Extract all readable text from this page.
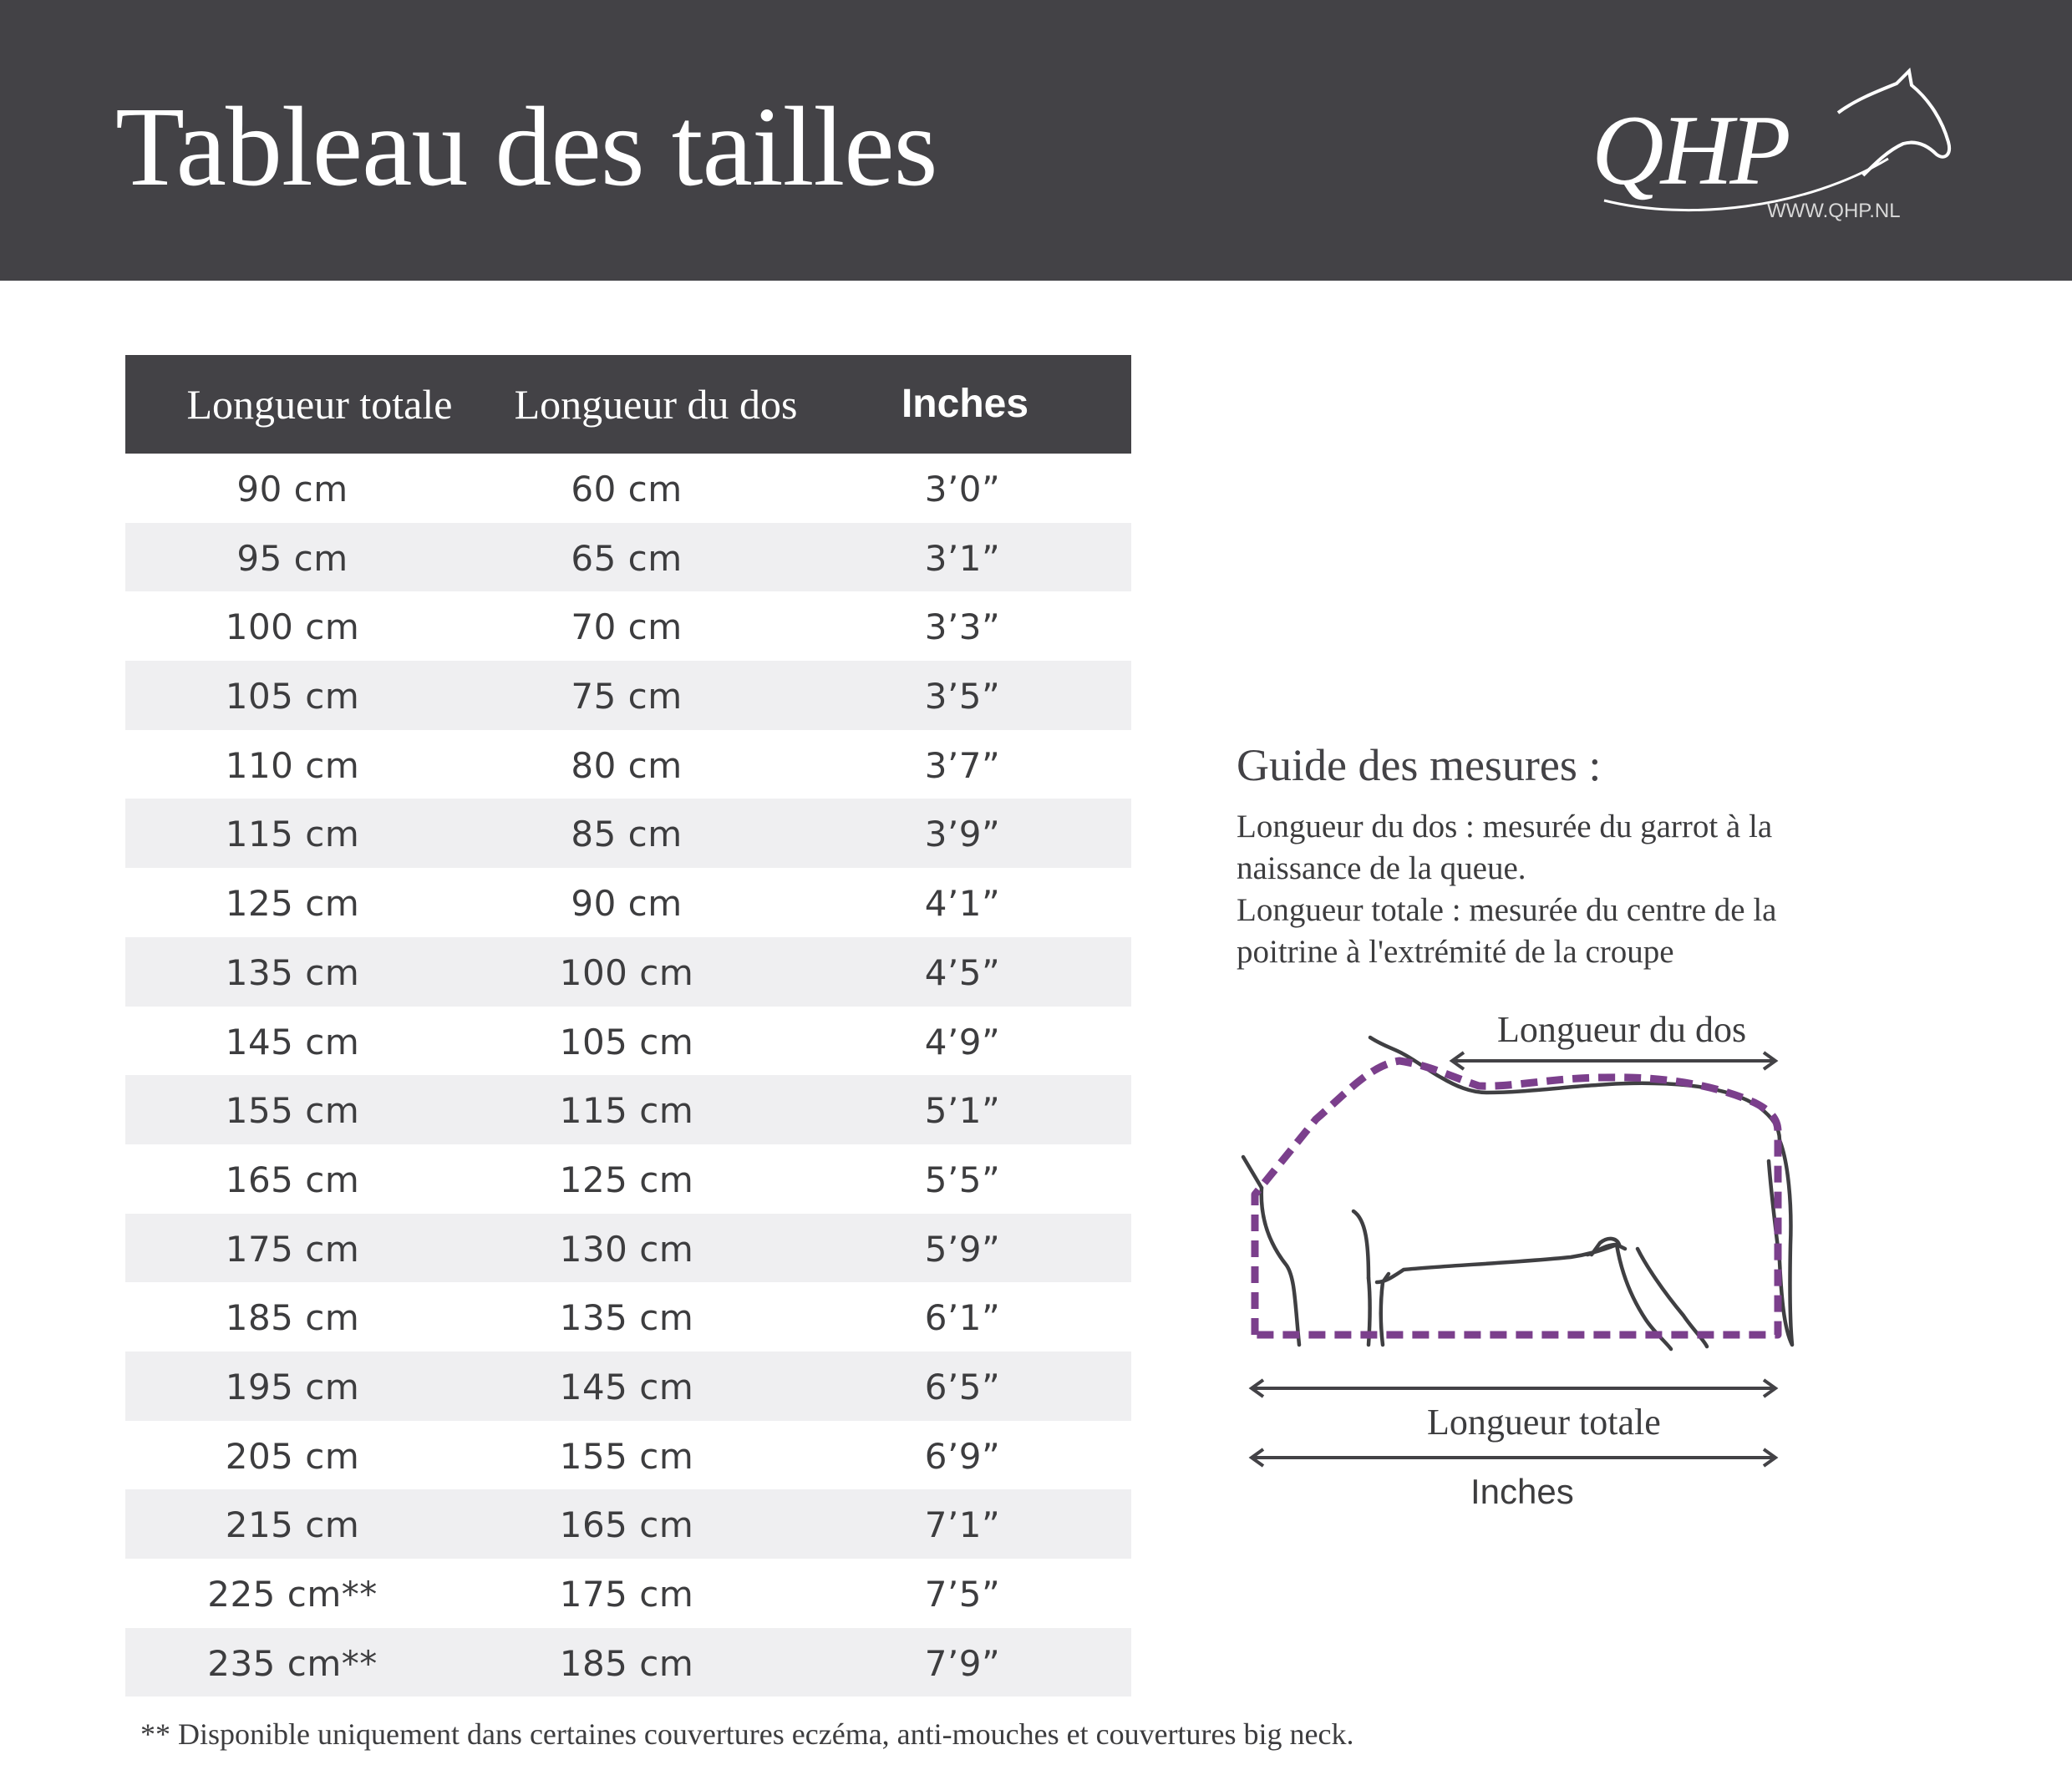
Tableau des tailles	QHP
WWW.QHP.NL
Longueur totale	Longueur du dos	Inches
90 cm	60 cm	3’0”
95 cm	65 cm	3’1”
100 cm	70 cm	3’3”
105 cm	75 cm	3’5”
110 cm	80 cm	3’7”
115 cm	85 cm	3’9”
125 cm	90 cm	4’1”
135 cm	100 cm	4’5”
145 cm	105 cm	4’9”
155 cm	115 cm	5’1”
165 cm	125 cm	5’5”
175 cm	130 cm	5’9”
185 cm	135 cm	6’1”
195 cm	145 cm	6’5”
205 cm	155 cm	6’9”
215 cm	165 cm	7’1”
225 cm**	175 cm	7’5”
235 cm**	185 cm	7’9”
** Disponible uniquement dans certaines couvertures eczéma, anti-mouches et couvertures big neck.
Guide des mesures :
Longueur du dos : mesurée du garrot à la
naissance de la queue.
Longueur totale : mesurée du centre de la
poitrine à l'extrémité de la croupe
Longueur du dos
Longueur totale
Inches
